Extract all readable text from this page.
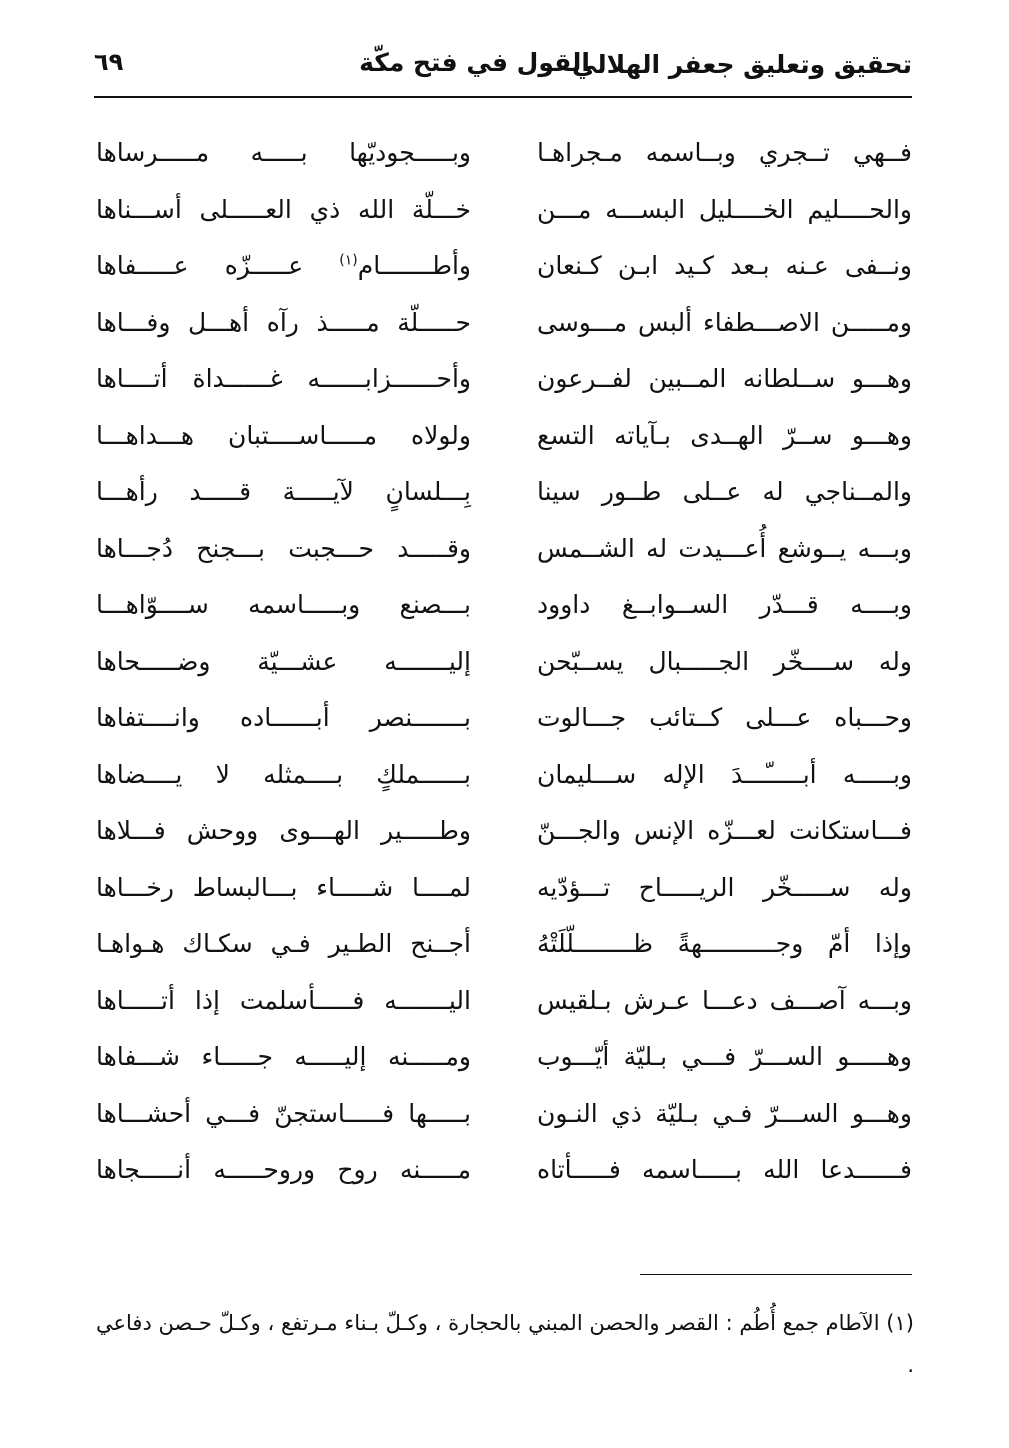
تحقيق وتعليق جعفر الهلالي
القول في فتح مكّة
٦٩
فــهي تــجري وبــاسمه مـجراهـا
وبـــــجوديّها بـــــه مـــــرساها
والحــــليم الخــــليل البســـه مـــن
خـــلّة الله ذي العـــــلى أســـناها
ونــفى عـنه بـعد كـيد ابـن كـنعان
وأطـــــــام$^{(١)}$ عـــــزّه عـــــفاها
ومـــــن الاصـــطفاء ألبس مـــوسى
حـــــلّة مـــــذ رآه أهـــل وفـــاها
وهـــو ســلطانه المــبين لفــرعون
وأحــــــزابــــــه غــــــداة أتــــاها
وهـــو ســرّ الهــدى بـآياته التسع
ولولاه مـــــاســــتبان هـــداهـــا
والمــناجي له عــلى طــور سينا
بِـــلسانٍ لآيـــــة قـــــد رأهـــا
وبـــه يــوشع أُعـــيدت له الشــمس
وقـــــد حـــجبت بـــجنح دُجـــاها
وبــــه قـــدّر الســوابــغ داوود
بـــصنع وبـــــاسمه ســــوّاهـــا
وله ســــخّر الجـــــبال يســبّحن
إليـــــــه عشـــيّة وضـــــحاها
وحـــباه عـــلى كــتائب جـــالوت
بـــــــنصر أبــــــاده وانــــتفاها
وبـــــه أبـــــّـــدَ الإله ســـليمان
بــــــملكٍ بــــمثله لا يــــضاها
فـــاستكانت لعـــزّه الإنس والجـــنّ
وطـــــير الهـــوى ووحش فـــلاها
وله ســـــخّر الريـــــاح تـــؤدّيه
لمــــا شـــــاء بـــالبساط رخـــاها
وإذا أمّ وجــــــــــهةً ظــــــــلّلَتْهُ
أجــنح الطـير فـي سكـاك هـواهـا
وبـــه آصـــف دعـــا عـرش بـلقيس
اليـــــــه فـــــأسلمت إذا أتـــــاها
وهـــــو الســـرّ فـــي بـليّة أيّـــوب
ومـــــنه إليـــــه جـــــاء شـــفاها
وهـــو الســـرّ فـي بـليّة ذي النـون
بـــــها فـــــاستجنّ فـــي أحشـــاها
فــــــدعا الله بـــــاسمه فـــــأتاه
مـــــنه روح وروحـــــه أنـــــجاها
(١) الآطام جمع أُطُم : القصر والحصن المبني بالحجارة ، وكـلّ بـناء مـرتفع ، وكـلّ حـصن دفاعي .
